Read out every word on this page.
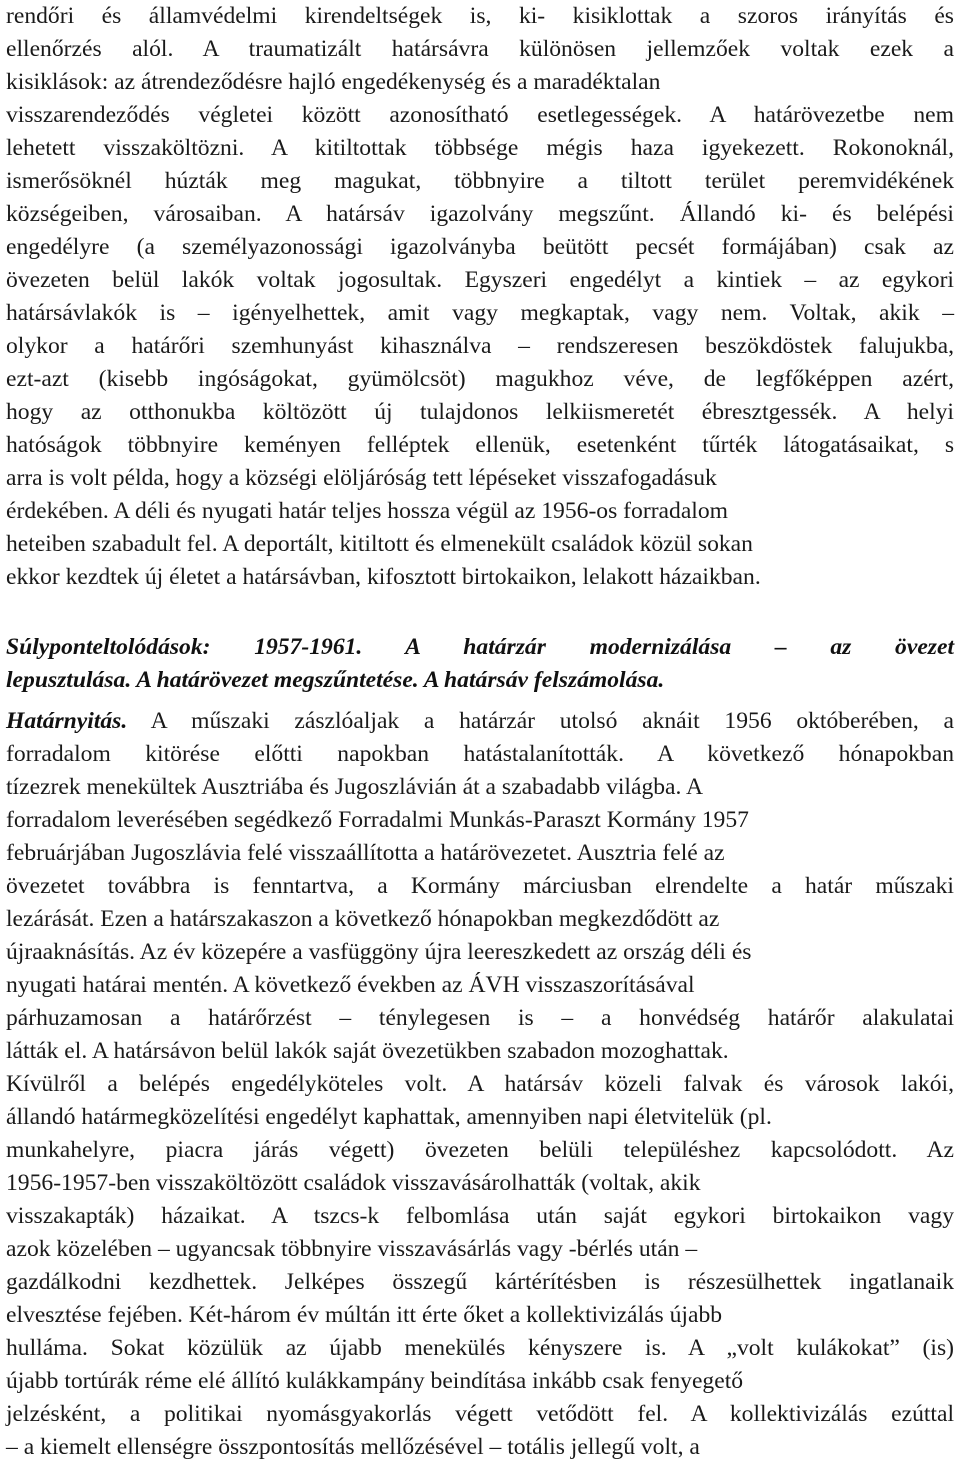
rendőri és államvédelmi kirendeltségek is, ki- kisiklottak a szoros irányítás és
ellenőrzés alól. A traumatizált határsávra különösen jellemzőek voltak ezek a
kisiklások: az átrendeződésre hajló engedékenység és a maradéktalan
visszarendeződés végletei között azonosítható esetlegességek. A határövezetbe nem
lehetett visszaköltözni. A kitiltottak többsége mégis haza igyekezett. Rokonoknál,
ismerősöknél húzták meg magukat, többnyire a tiltott terület peremvidékének
községeiben, városaiban. A határsáv igazolvány megszűnt. Állandó ki- és belépési
engedélyre (a személyazonossági igazolványba beütött pecsét formájában) csak az
övezeten belül lakók voltak jogosultak. Egyszeri engedélyt a kintiek – az egykori
határsávlakók is – igényelhettek, amit vagy megkaptak, vagy nem. Voltak, akik –
olykor a határőri szemhunyást kihasználva – rendszeresen beszökdöstek falujukba,
ezt-azt (kisebb ingóságokat, gyümölcsöt) magukhoz véve, de legfőképpen azért,
hogy az otthonukba költözött új tulajdonos lelkiismeretét ébresztgessék. A helyi
hatóságok többnyire keményen felléptek ellenük, esetenként tűrték látogatásaikat, s
arra is volt példa, hogy a községi elöljáróság tett lépéseket visszafogadásuk
érdekében. A déli és nyugati határ teljes hossza végül az 1956-os forradalom
heteiben szabadult fel. A deportált, kitiltott és elmenekült családok közül sokan
ekkor kezdtek új életet a határsávban, kifosztott birtokaikon, lelakott házaikban.
Súlyponteltolódások: 1957-1961. A határzár modernizálása – az övezet
lepusztulása. A határövezet megszűntetése. A határsáv felszámolása.
Határnyitás. A műszaki zászlóaljak a határzár utolsó aknáit 1956 októberében, a
forradalom kitörése előtti napokban hatástalanították. A következő hónapokban
tízezrek menekültek Ausztriába és Jugoszlávián át a szabadabb világba. A
forradalom leverésében segédkező Forradalmi Munkás-Paraszt Kormány 1957
februárjában Jugoszlávia felé visszaállította a határövezetet. Ausztria felé az
övezetet továbbra is fenntartva, a Kormány márciusban elrendelte a határ műszaki
lezárását. Ezen a határszakaszon a következő hónapokban megkezdődött az
újraaknásítás. Az év közepére a vasfüggöny újra leereszkedett az ország déli és
nyugati határai mentén. A következő években az ÁVH visszaszorításával
párhuzamosan a határőrzést – ténylegesen is – a honvédség határőr alakulatai
látták el. A határsávon belül lakók saját övezetükben szabadon mozoghattak.
Kívülről a belépés engedélyköteles volt. A határsáv közeli falvak és városok lakói,
állandó határmegközelítési engedélyt kaphattak, amennyiben napi életvitelük (pl.
munkahelyre, piacra járás végett) övezeten belüli településhez kapcsolódott. Az
1956-1957-ben visszaköltözött családok visszavásárolhatták (voltak, akik
visszakapták) házaikat. A tszcs-k felbomlása után saját egykori birtokaikon vagy
azok közelében – ugyancsak többnyire visszavásárlás vagy -bérlés után –
gazdálkodni kezdhettek. Jelképes összegű kártérítésben is részesülhettek ingatlanaik
elvesztése fejében. Két-három év múltán itt érte őket a kollektivizálás újabb
hulláma. Sokat közülük az újabb menekülés kényszere is. A „volt kulákokat” (is)
újabb tortúrák réme elé állító kulákkampány beindítása inkább csak fenyegető
jelzésként, a politikai nyomásgyakorlás végett vetődött fel. A kollektivizálás ezúttal
– a kiemelt ellenségre összpontosítás mellőzésével – totális jellegű volt, a
